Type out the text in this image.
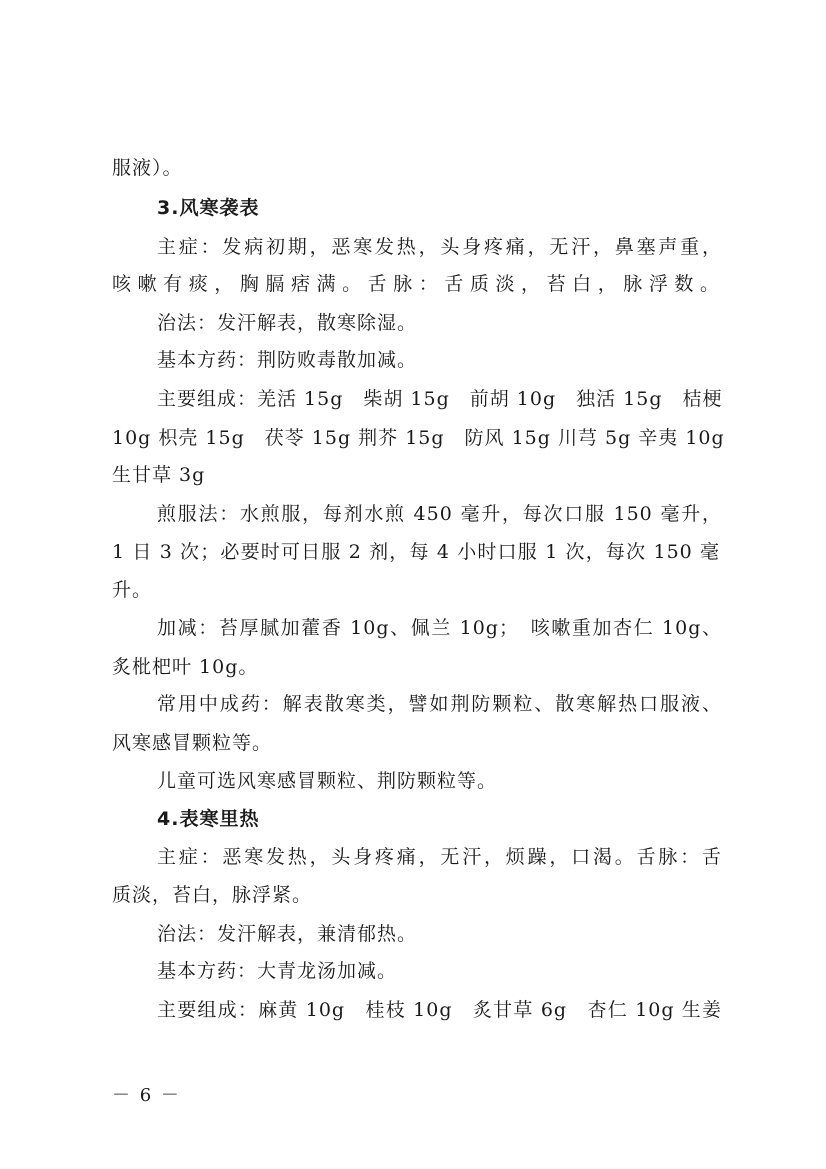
服液）。
3.风寒袭表
主症：发病初期，恶寒发热，头身疼痛，无汗，鼻塞声重，
咳嗽有痰，胸膈痞满。舌脉：舌质淡，苔白，脉浮数。
治法：发汗解表，散寒除湿。
基本方药：荆防败毒散加减。
主要组成：羌活 15g　柴胡 15g　前胡 10g　独活 15g　桔梗
10g 枳壳 15g　茯苓 15g 荆芥 15g　防风 15g 川芎 5g 辛夷 10g
生甘草 3g
煎服法：水煎服，每剂水煎 450 毫升，每次口服 150 毫升，
1 日 3 次；必要时可日服 2 剂，每 4 小时口服 1 次，每次 150 毫
升。
加减：苔厚腻加藿香 10g、佩兰 10g；　咳嗽重加杏仁 10g、
炙枇杷叶 10g。
常用中成药：解表散寒类，譬如荆防颗粒、散寒解热口服液、
风寒感冒颗粒等。
儿童可选风寒感冒颗粒、荆防颗粒等。
4.表寒里热
主症：恶寒发热，头身疼痛，无汗，烦躁，口渴。舌脉：舌
质淡，苔白，脉浮紧。
治法：发汗解表，兼清郁热。
基本方药：大青龙汤加减。
主要组成：麻黄 10g　桂枝 10g　炙甘草 6g　杏仁 10g 生姜
－ 6 －
